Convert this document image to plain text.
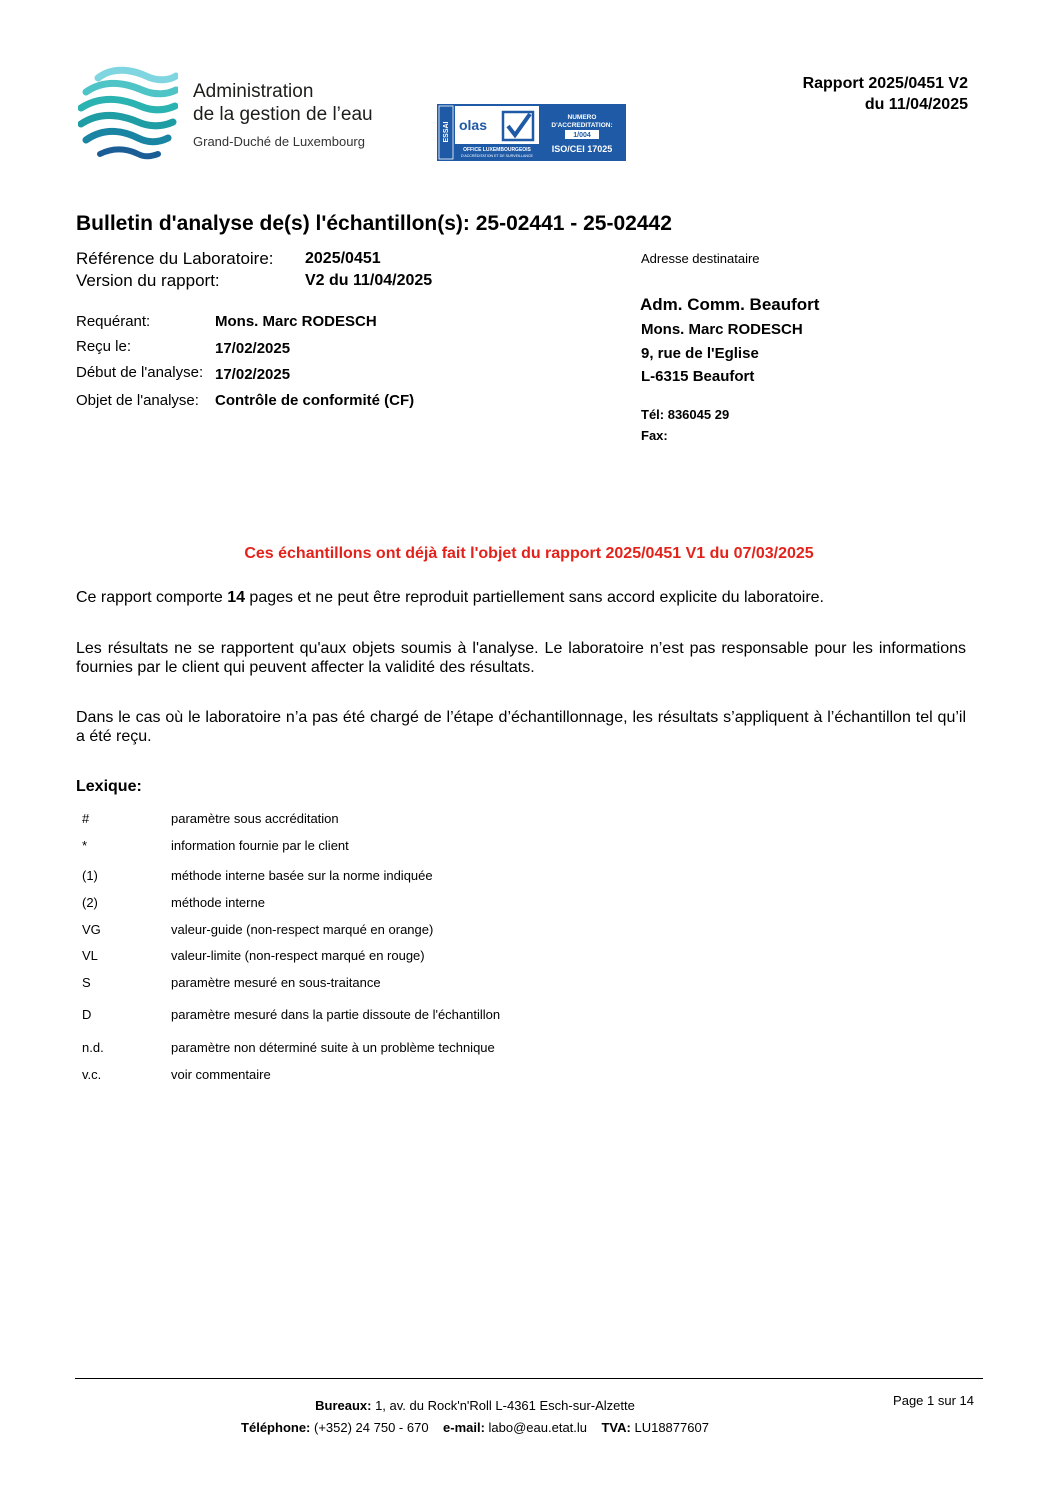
Administration
de la gestion de l’eau
Grand-Duché de Luxembourg	ESSAI olas
OFFICE LUXEMBOURGEOIS
D'ACCRÉDITATION ET DE SURVEILLANCE
NUMERO
D'ACCREDITATION:
1/004
ISO/CEI 17025
Rapport 2025/0451 V2
du 11/04/2025
Bulletin d'analyse de(s) l'échantillon(s): 25-02441 - 25-02442
Référence du Laboratoire: 2025/0451
Version du rapport:	V2 du 11/04/2025
Requérant:	Mons. Marc RODESCH
Reçu le:	17/02/2025
Début de l'analyse: 17/02/2025
Objet de l'analyse: Contrôle de conformité (CF)
Adresse destinataire
Adm. Comm. Beaufort
Mons. Marc RODESCH
9, rue de l'Eglise
L-6315 Beaufort
Tél: 836045 29
Fax:
Ces échantillons ont déjà fait l'objet du rapport 2025/0451 V1 du 07/03/2025
Ce rapport comporte 14 pages et ne peut être reproduit partiellement sans accord explicite du laboratoire.
Les résultats ne se rapportent qu'aux objets soumis à l'analyse. Le laboratoire n’est pas responsable pour les informations fournies par le client qui peuvent affecter la validité des résultats.
Dans le cas où le laboratoire n’a pas été chargé de l’étape d’échantillonnage, les résultats s’appliquent à l’échantillon tel qu’il a été reçu.
Lexique:
#	paramètre sous accréditation
*	information fournie par le client
(1)	méthode interne basée sur la norme indiquée
(2)	méthode interne
VG	valeur-guide (non-respect marqué en orange)
VL	valeur-limite (non-respect marqué en rouge)
S	paramètre mesuré en sous-traitance
D	paramètre mesuré dans la partie dissoute de l'échantillon
n.d.	paramètre non déterminé suite à un problème technique
v.c.	voir commentaire
Bureaux: 1, av. du Rock'n'Roll L-4361 Esch-sur-Alzette
Téléphone: (+352) 24 750 - 670 e-mail: labo@eau.etat.lu TVA: LU18877607
Page 1 sur 14
